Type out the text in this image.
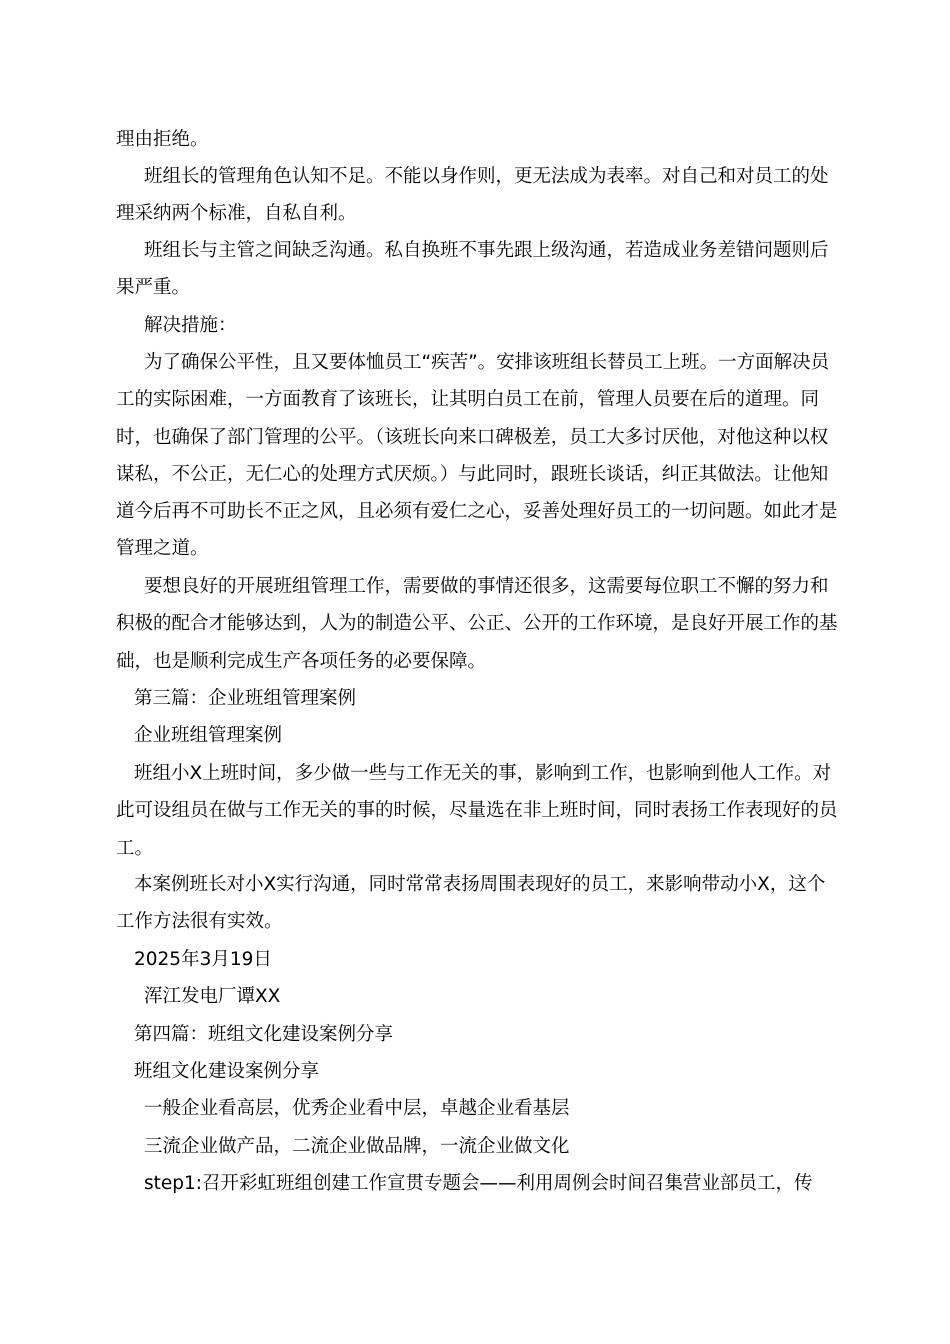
理由拒绝。

班组长的管理角色认知不足。不能以身作则，更无法成为表率。对自己和对员工的处理采纳两个标准，自私自利。

班组长与主管之间缺乏沟通。私自换班不事先跟上级沟通，若造成业务差错问题则后果严重。

解决措施：

为了确保公平性，且又要体恤员工“疾苦”。安排该班组长替员工上班。一方面解决员工的实际困难，一方面教育了该班长，让其明白员工在前，管理人员要在后的道理。同时，也确保了部门管理的公平。（该班长向来口碑极差，员工大多讨厌他，对他这种以权谋私，不公正，无仁心的处理方式厌烦。）与此同时，跟班长谈话，纠正其做法。让他知道今后再不可助长不正之风，且必须有爱仁之心，妥善处理好员工的一切问题。如此才是管理之道。

要想良好的开展班组管理工作，需要做的事情还很多，这需要每位职工不懈的努力和积极的配合才能够达到，人为的制造公平、公正、公开的工作环境，是良好开展工作的基础，也是顺利完成生产各项任务的必要保障。

第三篇：企业班组管理案例

企业班组管理案例

班组小X上班时间，多少做一些与工作无关的事，影响到工作，也影响到他人工作。对此可设组员在做与工作无关的事的时候，尽量选在非上班时间，同时表扬工作表现好的员工。

本案例班长对小X实行沟通，同时常常表扬周围表现好的员工，来影响带动小X，这个工作方法很有实效。

2025年3月19日

浑江发电厂谭XX

第四篇：班组文化建设案例分享

班组文化建设案例分享

一般企业看高层，优秀企业看中层，卓越企业看基层

三流企业做产品，二流企业做品牌，一流企业做文化

step1:召开彩虹班组创建工作宣贯专题会——利用周例会时间召集营业部员工，传
